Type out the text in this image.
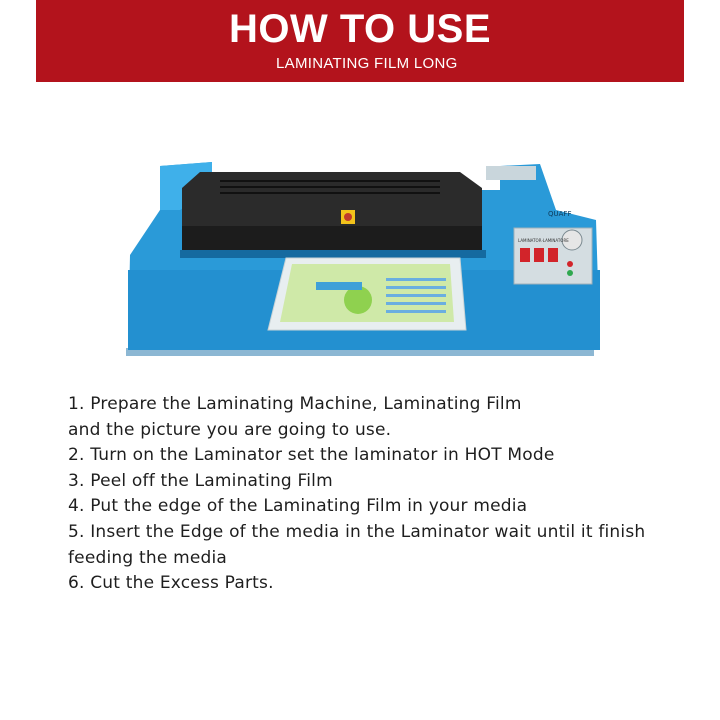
HOW TO USE
LAMINATING FILM LONG
QUAFF
LAMINATOR·LAMINATORE

1. Prepare the Laminating Machine, Laminating Film

and the picture you are going to use.

2. Turn on the Laminator set the laminator in HOT Mode

3. Peel off the Laminating Film

4. Put the edge of the Laminating Film in your media

5. Insert the Edge of the media in the Laminator wait until it finish

feeding the media

6. Cut the Excess Parts.
